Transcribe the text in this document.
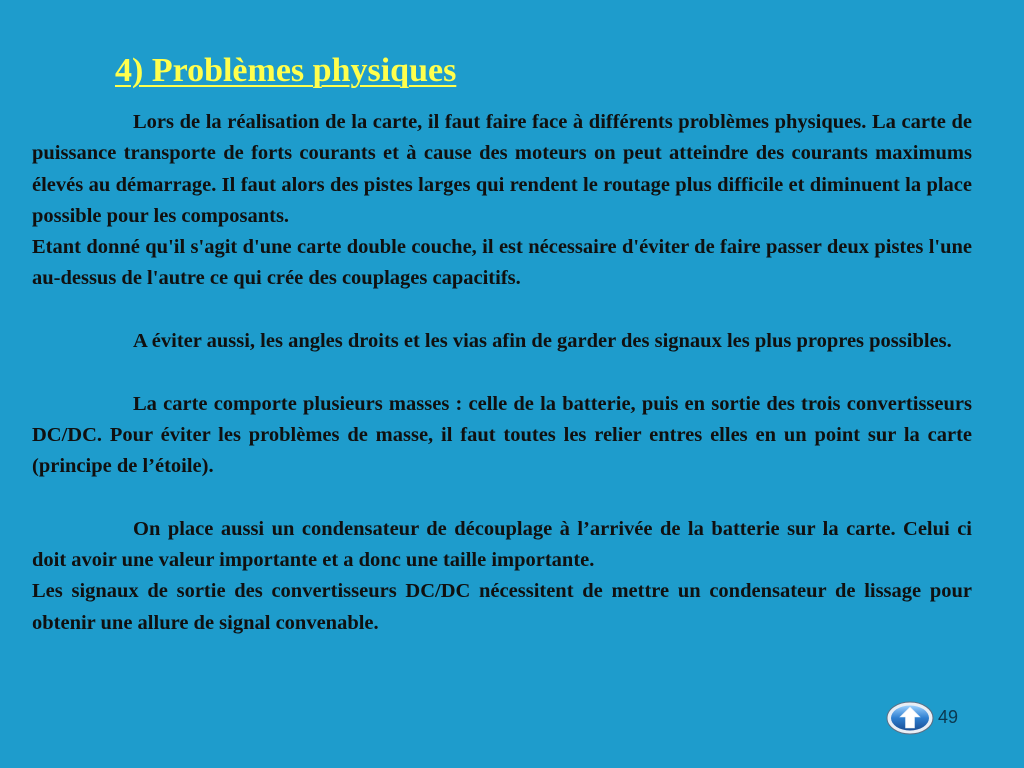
4) Problèmes physiques

Lors de la réalisation de la carte, il faut faire face à différents problèmes physiques. La carte de puissance transporte de forts courants et à cause des moteurs on peut atteindre des courants maximums élevés au démarrage. Il faut alors des pistes larges qui rendent le routage plus difficile et diminuent la place possible pour les composants.

Etant donné qu'il s'agit d'une carte double couche, il est nécessaire d'éviter de faire passer deux pistes l'une au-dessus de l'autre ce qui crée des couplages capacitifs.

A éviter aussi, les angles droits et les vias afin de garder des signaux les plus propres possibles.

La carte comporte plusieurs masses : celle de la batterie, puis en sortie des trois convertisseurs DC/DC. Pour éviter les problèmes de masse, il faut toutes les relier entres elles en un point sur la carte (principe de l’étoile).

On place aussi un condensateur de découplage à l’arrivée de la batterie sur la carte. Celui ci doit avoir une valeur importante et a donc une taille importante.

Les signaux de sortie des convertisseurs DC/DC nécessitent de mettre un condensateur de lissage pour obtenir une allure de signal convenable.

49
